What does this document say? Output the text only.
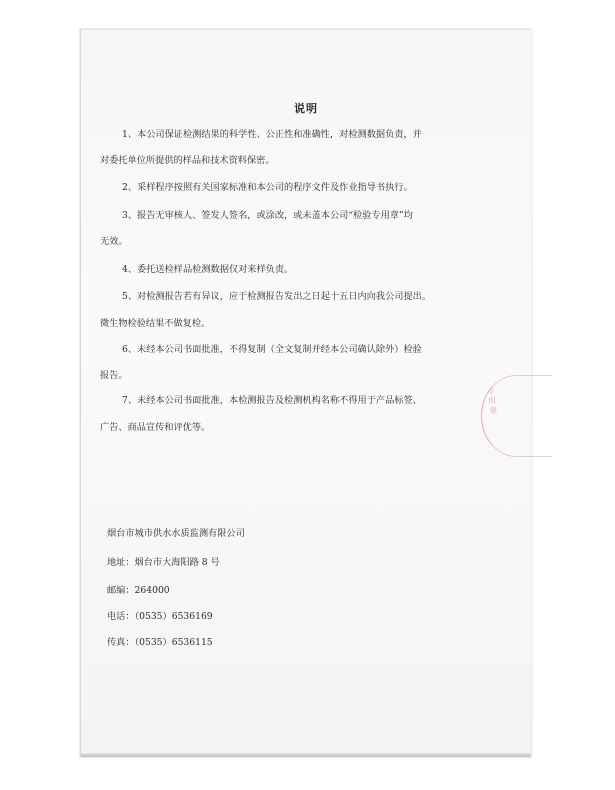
说明
1、本公司保证检测结果的科学性、公正性和准确性，对检测数据负责，并
对委托单位所提供的样品和技术资料保密。
2、采样程序按照有关国家标准和本公司的程序文件及作业指导书执行。
3、报告无审核人、签发人签名，或涂改，或未盖本公司“检验专用章”均
无效。
4、委托送检样品检测数据仅对来样负责。
5、对检测报告若有异议，应于检测报告发出之日起十五日内向我公司提出。
微生物检验结果不做复检。
6、未经本公司书面批准，不得复制（全文复制并经本公司确认除外）检验
报告。
7、未经本公司书面批准，本检测报告及检测机构名称不得用于产品标签、
广告、商品宣传和评优等。
专用章
烟台市城市供水水质监测有限公司
地址：烟台市大海阳路 8 号
邮编：264000
电话：（0535）6536169
传真：（0535）6536115
